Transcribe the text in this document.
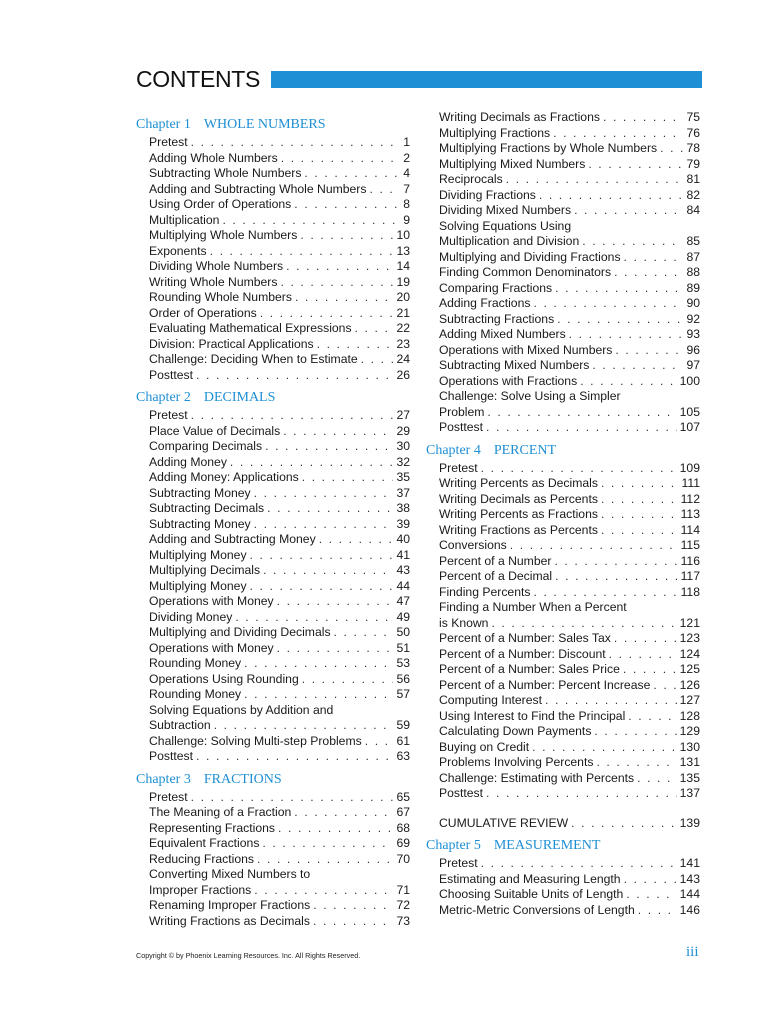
CONTENTS
Chapter 1 WHOLE NUMBERS
Pretest . . .	1
Adding Whole Numbers . . .	2
Subtracting Whole Numbers . . .	4
Adding and Subtracting Whole Numbers . . .	7
Using Order of Operations . . .	8
Multiplication . . .	9
Multiplying Whole Numbers . . .	10
Exponents . . .	13
Dividing Whole Numbers . . .	14
Writing Whole Numbers . . .	19
Rounding Whole Numbers . . .	20
Order of Operations . . .	21
Evaluating Mathematical Expressions . . .	22
Division: Practical Applications . . .	23
Challenge: Deciding When to Estimate . . .	24
Posttest . . .	26
Chapter 2 DECIMALS
Pretest . . .	27
Place Value of Decimals . . .	29
Comparing Decimals . . .	30
Adding Money . . .	32
Adding Money: Applications . . .	35
Subtracting Money . . .	37
Subtracting Decimals . . .	38
Subtracting Money . . .	39
Adding and Subtracting Money . . .	40
Multiplying Money . . .	41
Multiplying Decimals . . .	43
Multiplying Money . . .	44
Operations with Money . . .	47
Dividing Money . . .	49
Multiplying and Dividing Decimals . . .	50
Operations with Money . . .	51
Rounding Money . . .	53
Operations Using Rounding . . .	56
Rounding Money . . .	57
Solving Equations by Addition and
Subtraction . . .	59
Challenge: Solving Multi-step Problems . . .	61
Posttest . . .	63
Chapter 3 FRACTIONS
Pretest . . .	65
The Meaning of a Fraction . . .	67
Representing Fractions . . .	68
Equivalent Fractions . . .	69
Reducing Fractions . . .	70
Converting Mixed Numbers to
Improper Fractions . . .	71
Renaming Improper Fractions . . .	72
Writing Fractions as Decimals . . .	73
Writing Decimals as Fractions . . .	75
Multiplying Fractions . . .	76
Multiplying Fractions by Whole Numbers . . . 78
Multiplying Mixed Numbers . . .	79
Reciprocals . . .	81
Dividing Fractions . . .	82
Dividing Mixed Numbers . . .	84
Solving Equations Using
Multiplication and Division . . .	85
Multiplying and Dividing Fractions . . .	87
Finding Common Denominators . . .	88
Comparing Fractions . . .	89
Adding Fractions . . .	90
Subtracting Fractions . . .	92
Adding Mixed Numbers . . .	93
Operations with Mixed Numbers . . .	96
Subtracting Mixed Numbers . . .	97
Operations with Fractions . . .	100
Challenge: Solve Using a Simpler
Problem . . .	105
Posttest . . .	107
Chapter 4 PERCENT
Pretest . . .	109
Writing Percents as Decimals . . .	111
Writing Decimals as Percents . . .	112
Writing Percents as Fractions . . .	113
Writing Fractions as Percents . . .	114
Conversions . . .	115
Percent of a Number . . .	116
Percent of a Decimal . . .	117
Finding Percents . . .	118
Finding a Number When a Percent
is Known . . .	121
Percent of a Number: Sales Tax . . .	123
Percent of a Number: Discount . . .	124
Percent of a Number: Sales Price . . .	125
Percent of a Number: Percent Increase . . . 126
Computing Interest . . .	127
Using Interest to Find the Principal . . .	128
Calculating Down Payments . . .	129
Buying on Credit . . .	130
Problems Involving Percents . . .	131
Challenge: Estimating with Percents . . .	135
Posttest . . .	137
CUMULATIVE REVIEW . . .	139
Chapter 5 MEASUREMENT
Pretest . . .	141
Estimating and Measuring Length . . .	143
Choosing Suitable Units of Length . . .	144
Metric-Metric Conversions of Length . . .	146
Copyright © by Phoenix Learning Resources. Inc. All Rights Reserved.	iii
